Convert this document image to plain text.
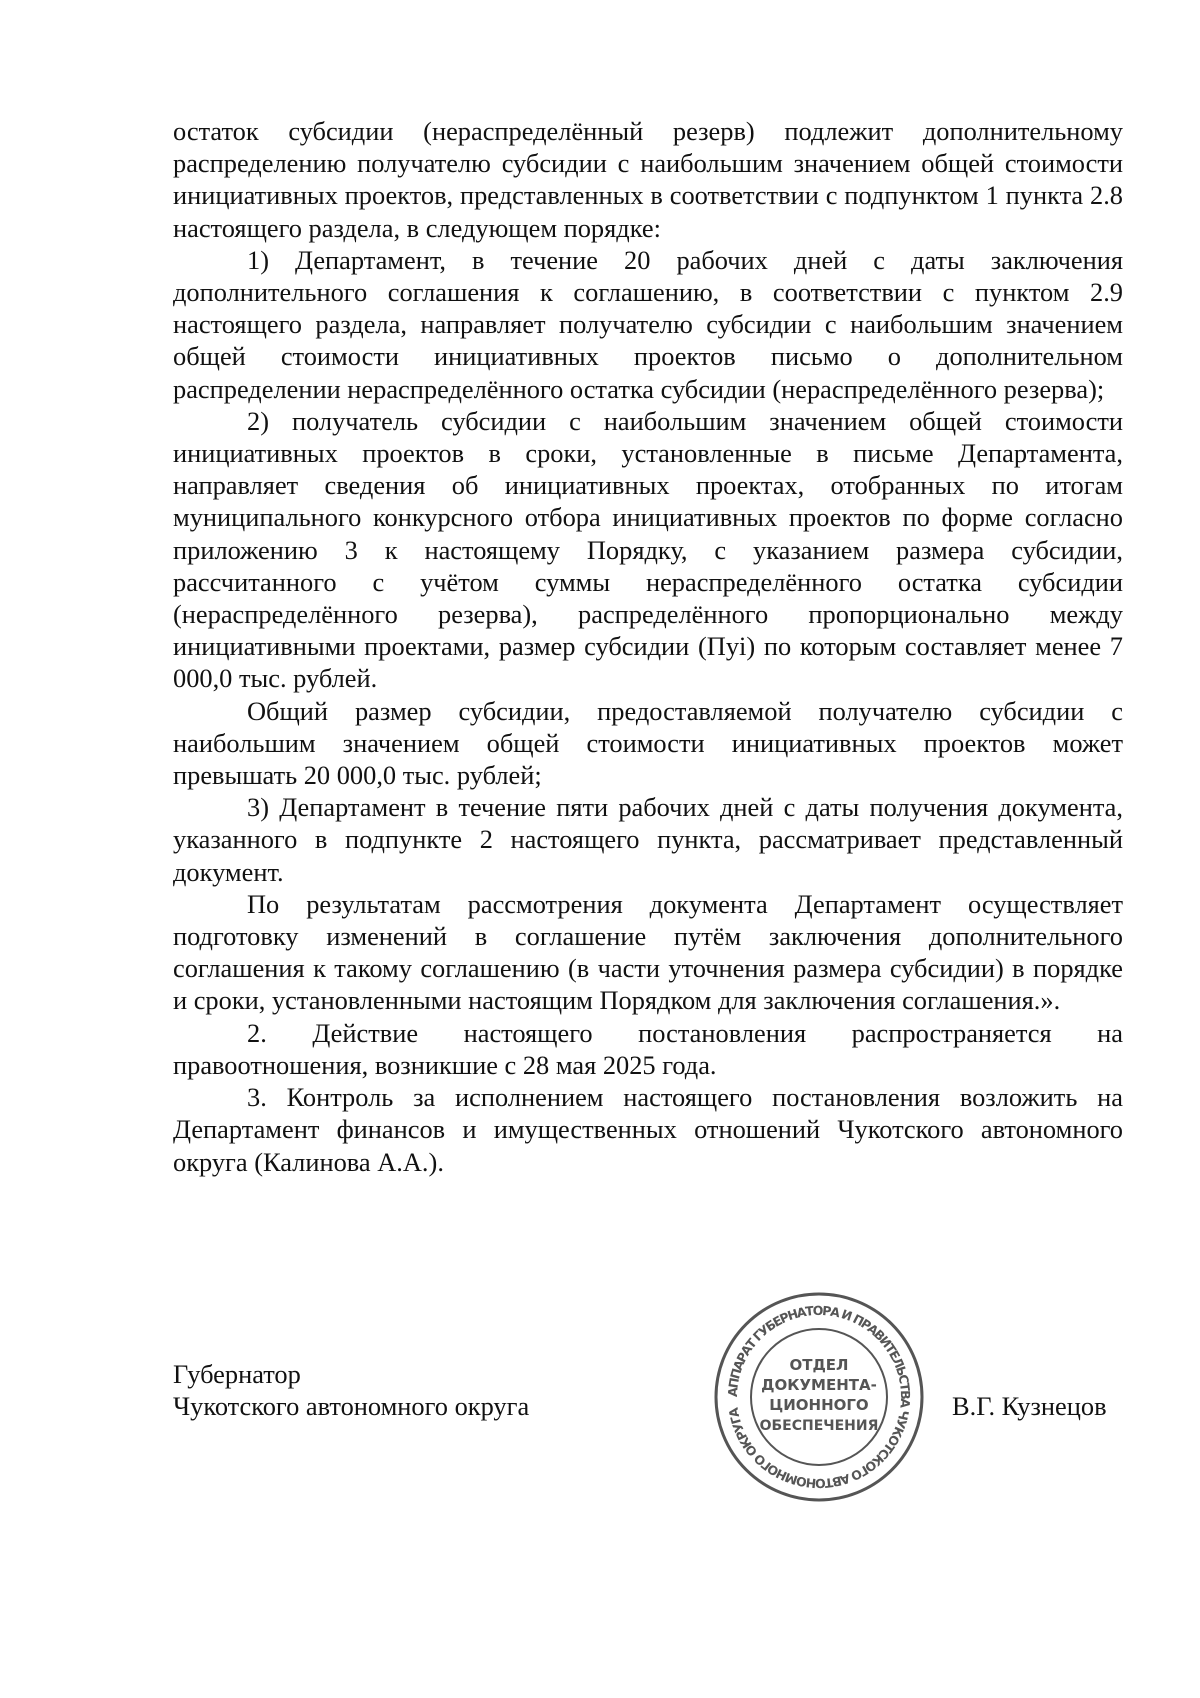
остаток субсидии (нераспределённый резерв) подлежит дополнительному распределению получателю субсидии с наибольшим значением общей стоимости инициативных проектов, представленных в соответствии с подпунктом 1 пункта 2.8 настоящего раздела, в следующем порядке:

1) Департамент, в течение 20 рабочих дней с даты заключения дополнительного соглашения к соглашению, в соответствии с пунктом 2.9 настоящего раздела, направляет получателю субсидии с наибольшим значением общей стоимости инициативных проектов письмо о дополнительном распределении нераспределённого остатка субсидии (нераспределённого резерва);

2) получатель субсидии с наибольшим значением общей стоимости инициативных проектов в сроки, установленные в письме Департамента, направляет сведения об инициативных проектах, отобранных по итогам муниципального конкурсного отбора инициативных проектов по форме согласно приложению 3 к настоящему Порядку, с указанием размера субсидии, рассчитанного с учётом суммы нераспределённого остатка субсидии (нераспределённого резерва), распределённого пропорционально между инициативными проектами, размер субсидии (Пуi) по которым составляет менее 7 000,0 тыс. рублей.

Общий размер субсидии, предоставляемой получателю субсидии с наибольшим значением общей стоимости инициативных проектов может превышать 20 000,0 тыс. рублей;

3) Департамент в течение пяти рабочих дней с даты получения документа, указанного в подпункте 2 настоящего пункта, рассматривает представленный документ.

По результатам рассмотрения документа Департамент осуществляет подготовку изменений в соглашение путём заключения дополнительного соглашения к такому соглашению (в части уточнения размера субсидии) в порядке и сроки, установленными настоящим Порядком для заключения соглашения.».

2. Действие настоящего постановления распространяется на правоотношения, возникшие с 28 мая 2025 года.

3. Контроль за исполнением настоящего постановления возложить на Департамент финансов и имущественных отношений Чукотского автономного округа (Калинова А.А.).

Губернатор
Чукотского автономного округа	АППАРАТ ГУБЕРНАТОРА И ПРАВИТЕЛЬСТВА ЧУКОТСКОГО АВТОНОМНОГО ОКРУГА
ОТДЕЛ
ДОКУМЕНТА-
ЦИОННОГО
ОБЕСПЕЧЕНИЯ
В.Г. Кузнецов
